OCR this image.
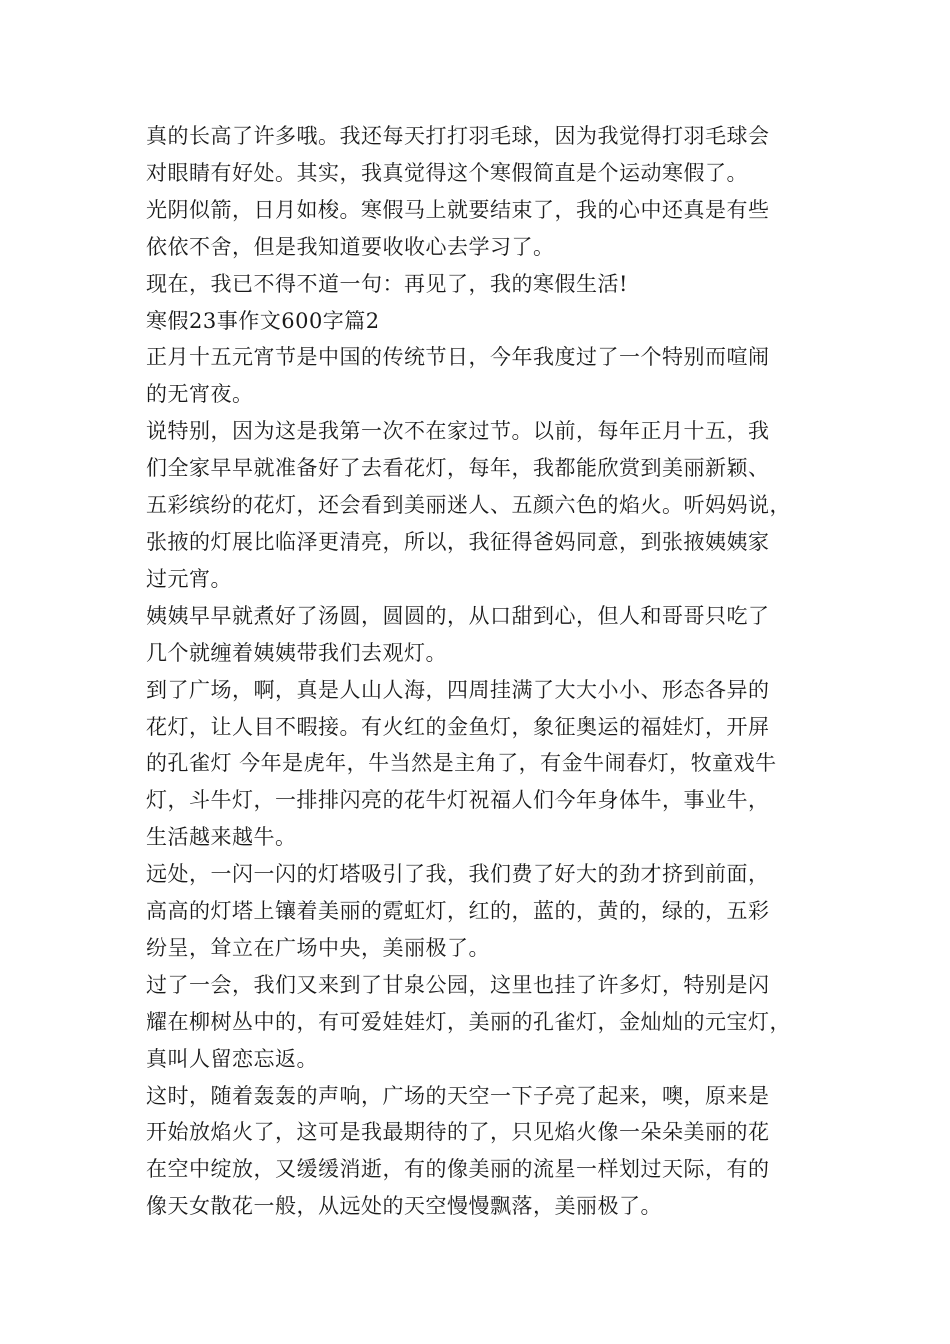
真的长高了许多哦。我还每天打打羽毛球，因为我觉得打羽毛球会
对眼睛有好处。其实，我真觉得这个寒假简直是个运动寒假了。
光阴似箭，日月如梭。寒假马上就要结束了，我的心中还真是有些
依依不舍，但是我知道要收收心去学习了。
现在，我已不得不道一句：再见了，我的寒假生活!
寒假23事作文600字篇2
正月十五元宵节是中国的传统节日，今年我度过了一个特别而喧闹
的无宵夜。
说特别，因为这是我第一次不在家过节。以前，每年正月十五，我
们全家早早就准备好了去看花灯，每年，我都能欣赏到美丽新颖、
五彩缤纷的花灯，还会看到美丽迷人、五颜六色的焰火。听妈妈说，
张掖的灯展比临泽更清亮，所以，我征得爸妈同意，到张掖姨姨家
过元宵。
姨姨早早就煮好了汤圆，圆圆的，从口甜到心，但人和哥哥只吃了
几个就缠着姨姨带我们去观灯。
到了广场，啊，真是人山人海，四周挂满了大大小小、形态各异的
花灯，让人目不暇接。有火红的金鱼灯，象征奥运的福娃灯，开屏
的孔雀灯 今年是虎年，牛当然是主角了，有金牛闹春灯，牧童戏牛
灯，斗牛灯，一排排闪亮的花牛灯祝福人们今年身体牛，事业牛，
生活越来越牛。
远处，一闪一闪的灯塔吸引了我，我们费了好大的劲才挤到前面，
高高的灯塔上镶着美丽的霓虹灯，红的，蓝的，黄的，绿的，五彩
纷呈，耸立在广场中央，美丽极了。
过了一会，我们又来到了甘泉公园，这里也挂了许多灯，特别是闪
耀在柳树丛中的，有可爱娃娃灯，美丽的孔雀灯，金灿灿的元宝灯，
真叫人留恋忘返。
这时，随着轰轰的声响，广场的天空一下子亮了起来，噢，原来是
开始放焰火了，这可是我最期待的了，只见焰火像一朵朵美丽的花
在空中绽放，又缓缓消逝，有的像美丽的流星一样划过天际，有的
像天女散花一般，从远处的天空慢慢飘落，美丽极了。
